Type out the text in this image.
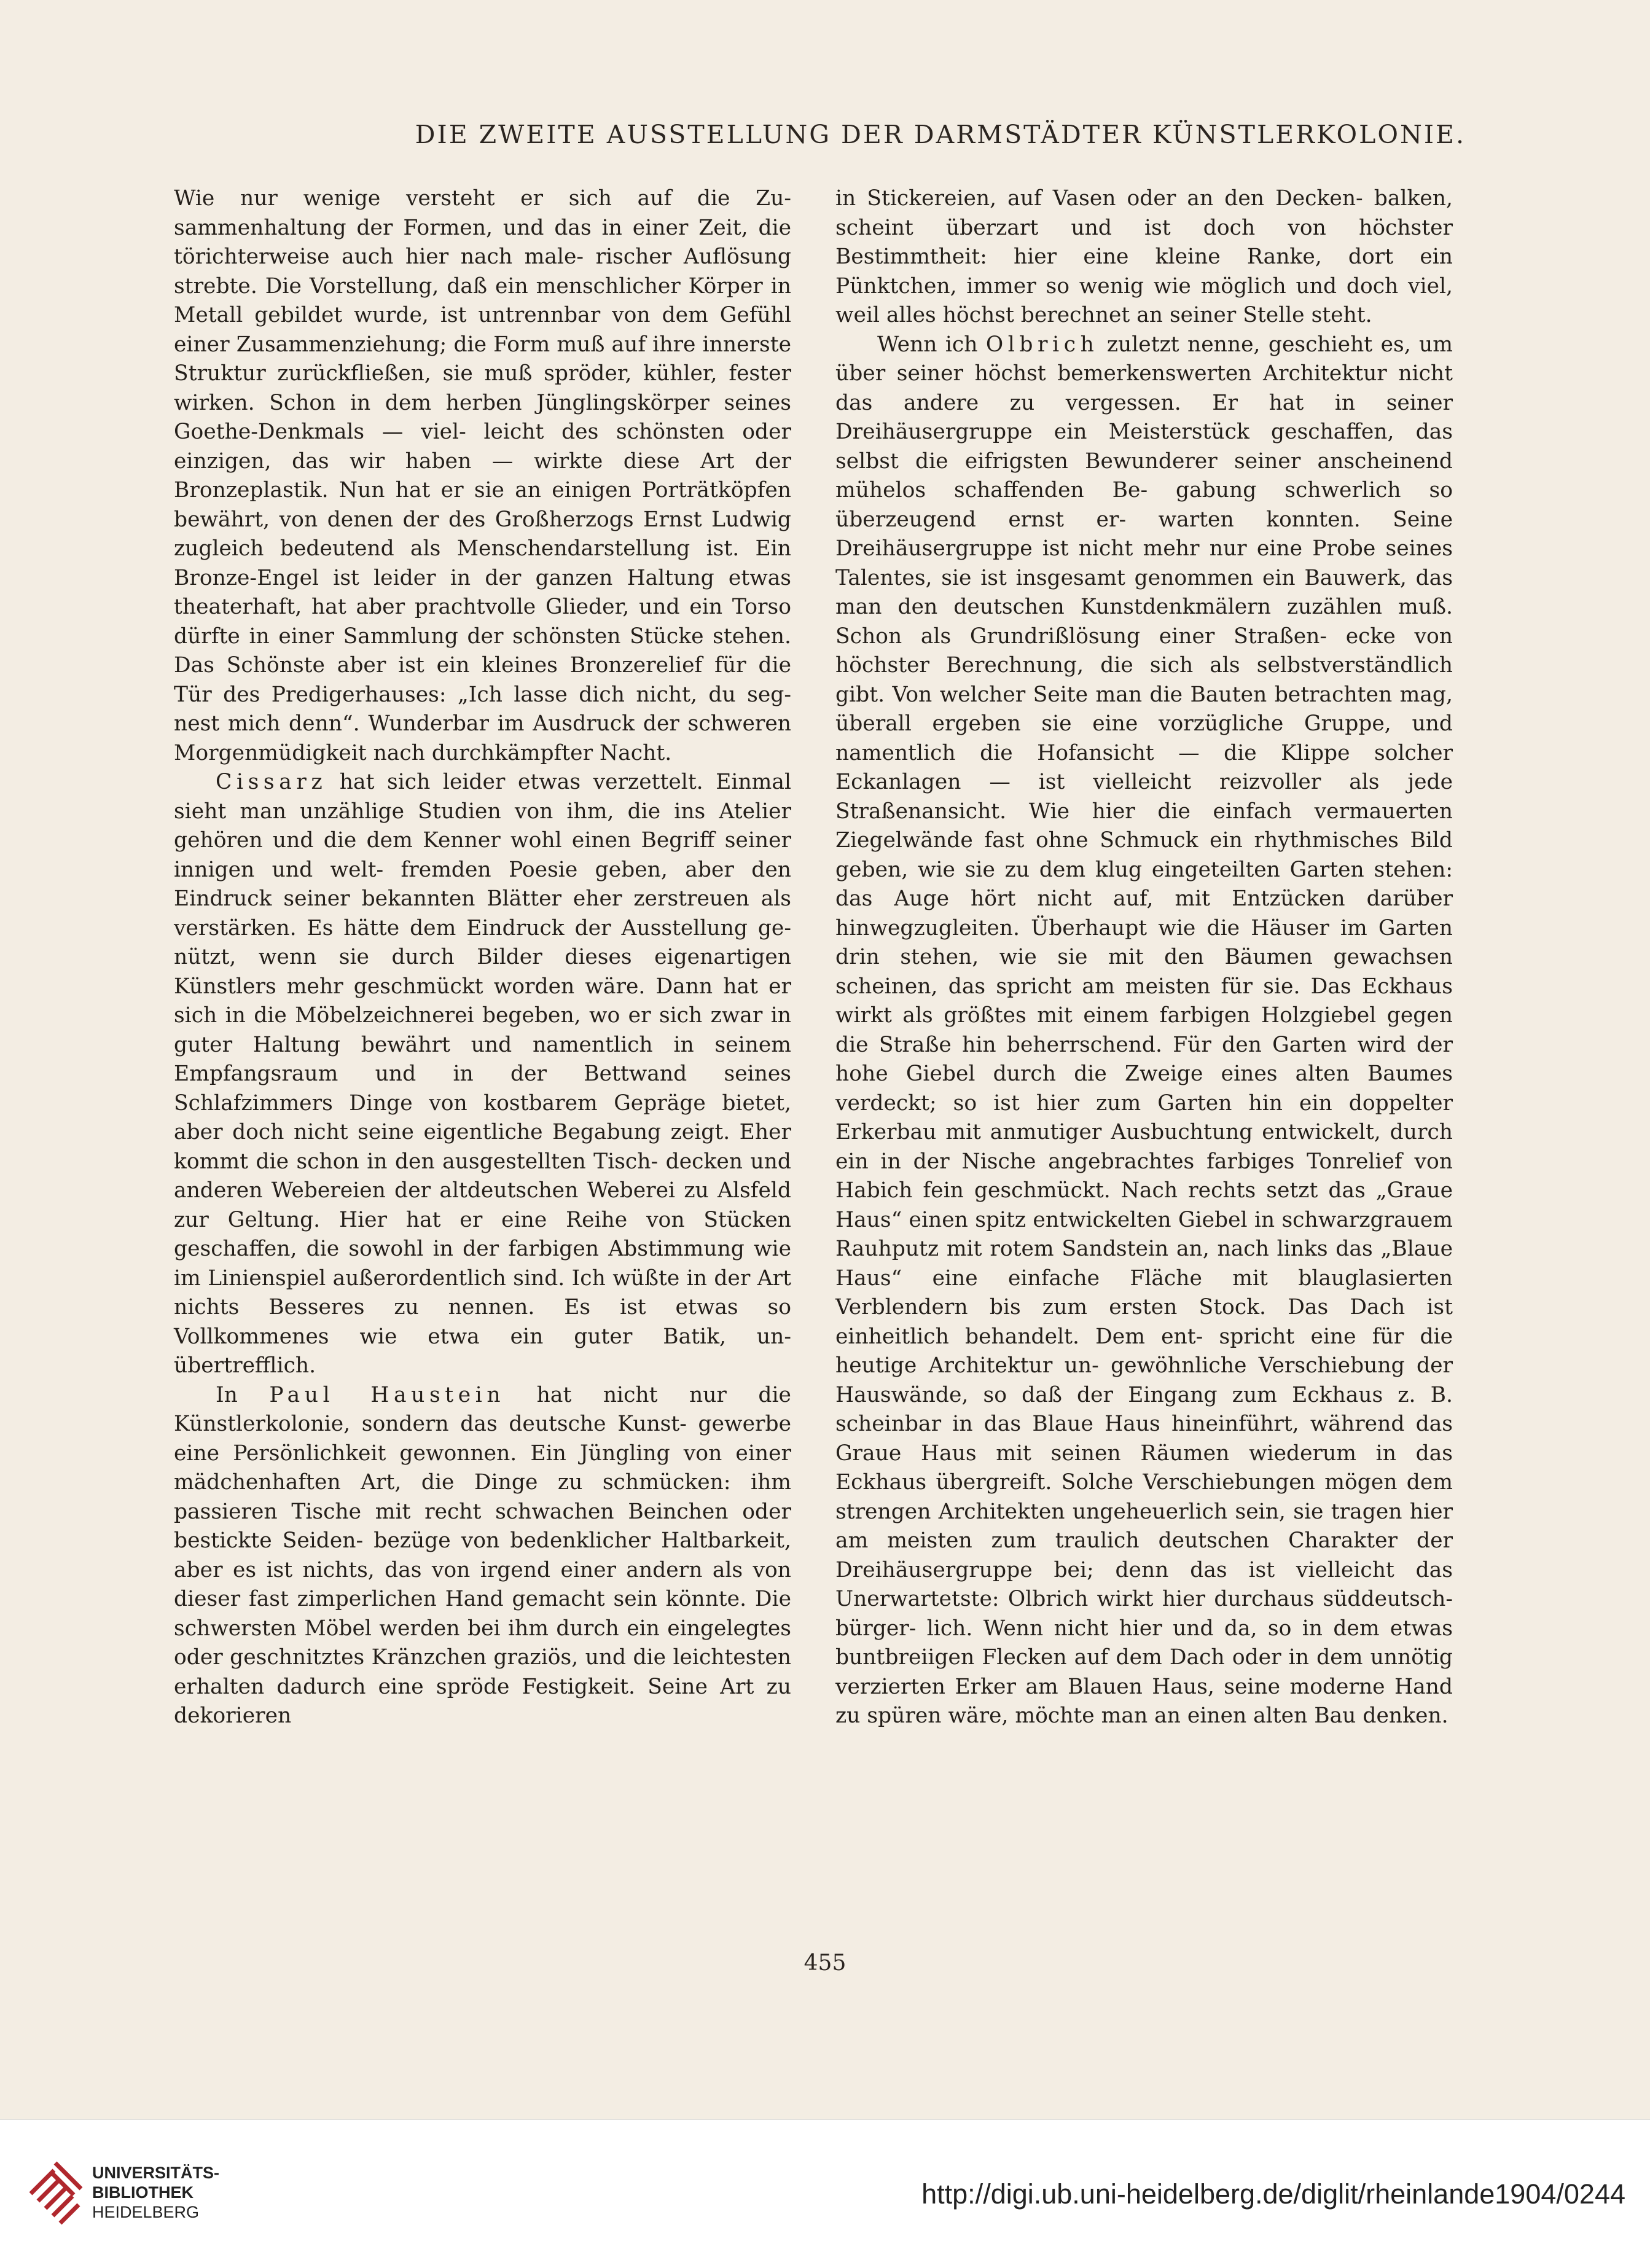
DIE ZWEITE AUSSTELLUNG DER DARMSTÄDTER KÜNSTLERKOLONIE.

Wie nur wenige versteht er sich auf die Zu- sammenhaltung der Formen, und das in einer Zeit, die törichterweise auch hier nach male- rischer Auflösung strebte. Die Vorstellung, daß ein menschlicher Körper in Metall gebildet wurde, ist untrennbar von dem Gefühl einer Zusammenziehung; die Form muß auf ihre innerste Struktur zurückfließen, sie muß spröder, kühler, fester wirken. Schon in dem herben Jünglingskörper seines Goethe-Denkmals — viel- leicht des schönsten oder einzigen, das wir haben — wirkte diese Art der Bronzeplastik. Nun hat er sie an einigen Porträtköpfen bewährt, von denen der des Großherzogs Ernst Ludwig zugleich bedeutend als Menschendarstellung ist. Ein Bronze-Engel ist leider in der ganzen Haltung etwas theaterhaft, hat aber prachtvolle Glieder, und ein Torso dürfte in einer Sammlung der schönsten Stücke stehen. Das Schönste aber ist ein kleines Bronzerelief für die Tür des Predigerhauses: „Ich lasse dich nicht, du seg- nest mich denn“. Wunderbar im Ausdruck der schweren Morgenmüdigkeit nach durchkämpfter Nacht.

Cissarz hat sich leider etwas verzettelt. Einmal sieht man unzählige Studien von ihm, die ins Atelier gehören und die dem Kenner wohl einen Begriff seiner innigen und welt- fremden Poesie geben, aber den Eindruck seiner bekannten Blätter eher zerstreuen als verstärken. Es hätte dem Eindruck der Ausstellung ge- nützt, wenn sie durch Bilder dieses eigenartigen Künstlers mehr geschmückt worden wäre. Dann hat er sich in die Möbelzeichnerei begeben, wo er sich zwar in guter Haltung bewährt und namentlich in seinem Empfangsraum und in der Bettwand seines Schlafzimmers Dinge von kostbarem Gepräge bietet, aber doch nicht seine eigentliche Begabung zeigt. Eher kommt die schon in den ausgestellten Tisch- decken und anderen Webereien der altdeutschen Weberei zu Alsfeld zur Geltung. Hier hat er eine Reihe von Stücken geschaffen, die sowohl in der farbigen Abstimmung wie im Linienspiel außerordentlich sind. Ich wüßte in der Art nichts Besseres zu nennen. Es ist etwas so Vollkommenes wie etwa ein guter Batik, un- übertrefflich.

In Paul Haustein hat nicht nur die Künstlerkolonie, sondern das deutsche Kunst- gewerbe eine Persönlichkeit gewonnen. Ein Jüngling von einer mädchenhaften Art, die Dinge zu schmücken: ihm passieren Tische mit recht schwachen Beinchen oder bestickte Seiden- bezüge von bedenklicher Haltbarkeit, aber es ist nichts, das von irgend einer andern als von dieser fast zimperlichen Hand gemacht sein könnte. Die schwersten Möbel werden bei ihm durch ein eingelegtes oder geschnitztes Kränzchen graziös, und die leichtesten erhalten dadurch eine spröde Festigkeit. Seine Art zu dekorieren

in Stickereien, auf Vasen oder an den Decken- balken, scheint überzart und ist doch von höchster Bestimmtheit: hier eine kleine Ranke, dort ein Pünktchen, immer so wenig wie möglich und doch viel, weil alles höchst berechnet an seiner Stelle steht.

Wenn ich Olbrich zuletzt nenne, geschieht es, um über seiner höchst bemerkenswerten Architektur nicht das andere zu vergessen. Er hat in seiner Dreihäusergruppe ein Meisterstück geschaffen, das selbst die eifrigsten Bewunderer seiner anscheinend mühelos schaffenden Be- gabung schwerlich so überzeugend ernst er- warten konnten. Seine Dreihäusergruppe ist nicht mehr nur eine Probe seines Talentes, sie ist insgesamt genommen ein Bauwerk, das man den deutschen Kunstdenkmälern zuzählen muß. Schon als Grundrißlösung einer Straßen- ecke von höchster Berechnung, die sich als selbstverständlich gibt. Von welcher Seite man die Bauten betrachten mag, überall ergeben sie eine vorzügliche Gruppe, und namentlich die Hofansicht — die Klippe solcher Eckanlagen — ist vielleicht reizvoller als jede Straßenansicht. Wie hier die einfach vermauerten Ziegelwände fast ohne Schmuck ein rhythmisches Bild geben, wie sie zu dem klug eingeteilten Garten stehen: das Auge hört nicht auf, mit Entzücken darüber hinwegzugleiten. Überhaupt wie die Häuser im Garten drin stehen, wie sie mit den Bäumen gewachsen scheinen, das spricht am meisten für sie. Das Eckhaus wirkt als größtes mit einem farbigen Holzgiebel gegen die Straße hin beherrschend. Für den Garten wird der hohe Giebel durch die Zweige eines alten Baumes verdeckt; so ist hier zum Garten hin ein doppelter Erkerbau mit anmutiger Ausbuchtung entwickelt, durch ein in der Nische angebrachtes farbiges Tonrelief von Habich fein geschmückt. Nach rechts setzt das „Graue Haus“ einen spitz entwickelten Giebel in schwarzgrauem Rauhputz mit rotem Sandstein an, nach links das „Blaue Haus“ eine einfache Fläche mit blauglasierten Verblendern bis zum ersten Stock. Das Dach ist einheitlich behandelt. Dem ent- spricht eine für die heutige Architektur un- gewöhnliche Verschiebung der Hauswände, so daß der Eingang zum Eckhaus z. B. scheinbar in das Blaue Haus hineinführt, während das Graue Haus mit seinen Räumen wiederum in das Eckhaus übergreift. Solche Verschiebungen mögen dem strengen Architekten ungeheuerlich sein, sie tragen hier am meisten zum traulich deutschen Charakter der Dreihäusergruppe bei; denn das ist vielleicht das Unerwartetste: Olbrich wirkt hier durchaus süddeutsch-bürger- lich. Wenn nicht hier und da, so in dem etwas buntbreiigen Flecken auf dem Dach oder in dem unnötig verzierten Erker am Blauen Haus, seine moderne Hand zu spüren wäre, möchte man an einen alten Bau denken.

455
UNIVERSITÄTS-
BIBLIOTHEK
HEIDELBERG
http://digi.ub.uni-heidelberg.de/diglit/rheinlande1904/0244
